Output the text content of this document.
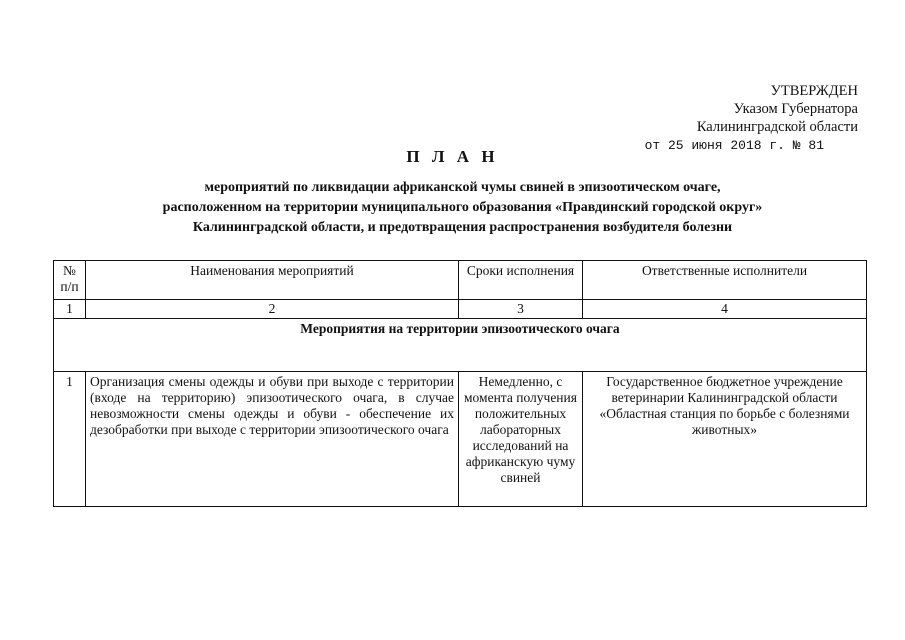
УТВЕРЖДЕН
Указом Губернатора
Калининградской области
от 25 июня 2018 г. № 81
П Л А Н
мероприятий по ликвидации африканской чумы свиней в эпизоотическом очаге,
расположенном на территории муниципального образования «Правдинский городской округ»
Калининградской области, и предотвращения распространения возбудителя болезни
№ п/п	Наименования мероприятий	Сроки исполнения	Ответственные исполнители
1	2	3	4
Мероприятия на территории эпизоотического очага			
1	Организация смены одежды и обуви при выходе с территории (входе на территорию) эпизоотического очага, в случае невозможности смены одежды и обуви - обеспечение их дезобработки при выходе с территории эпизоотического очага	Немедленно, с момента получения положительных лабораторных исследований на африканскую чуму свиней	Государственное бюджетное учреждение ветеринарии Калининградской области «Областная станция по борьбе с болезнями животных»
